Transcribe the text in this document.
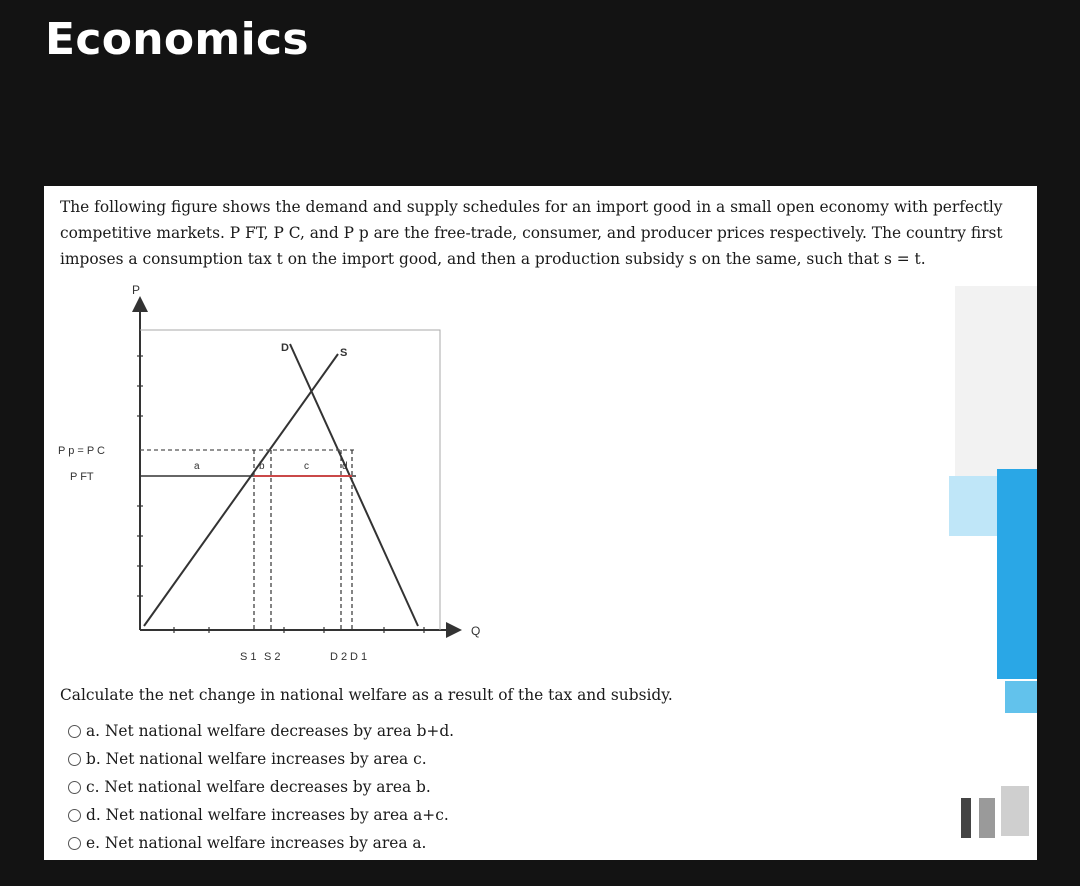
Economics

The following figure shows the demand and supply schedules for an import good in a small open economy with perfectly
competitive markets. P FT, P C, and P p are the free-trade, consumer, and producer prices respectively. The country first
imposes a consumption tax t on the import good, and then a production subsidy s on the same, such that s = t.

P
Q
D	S
P p = P C
P FT
a	b	c	d
S 1 S 2	D 2 D 1

Calculate the net change in national welfare as a result of the tax and subsidy.

a. Net national welfare decreases by area b+d.
b. Net national welfare increases by area c.
c. Net national welfare decreases by area b.
d. Net national welfare increases by area a+c.
e. Net national welfare increases by area a.
